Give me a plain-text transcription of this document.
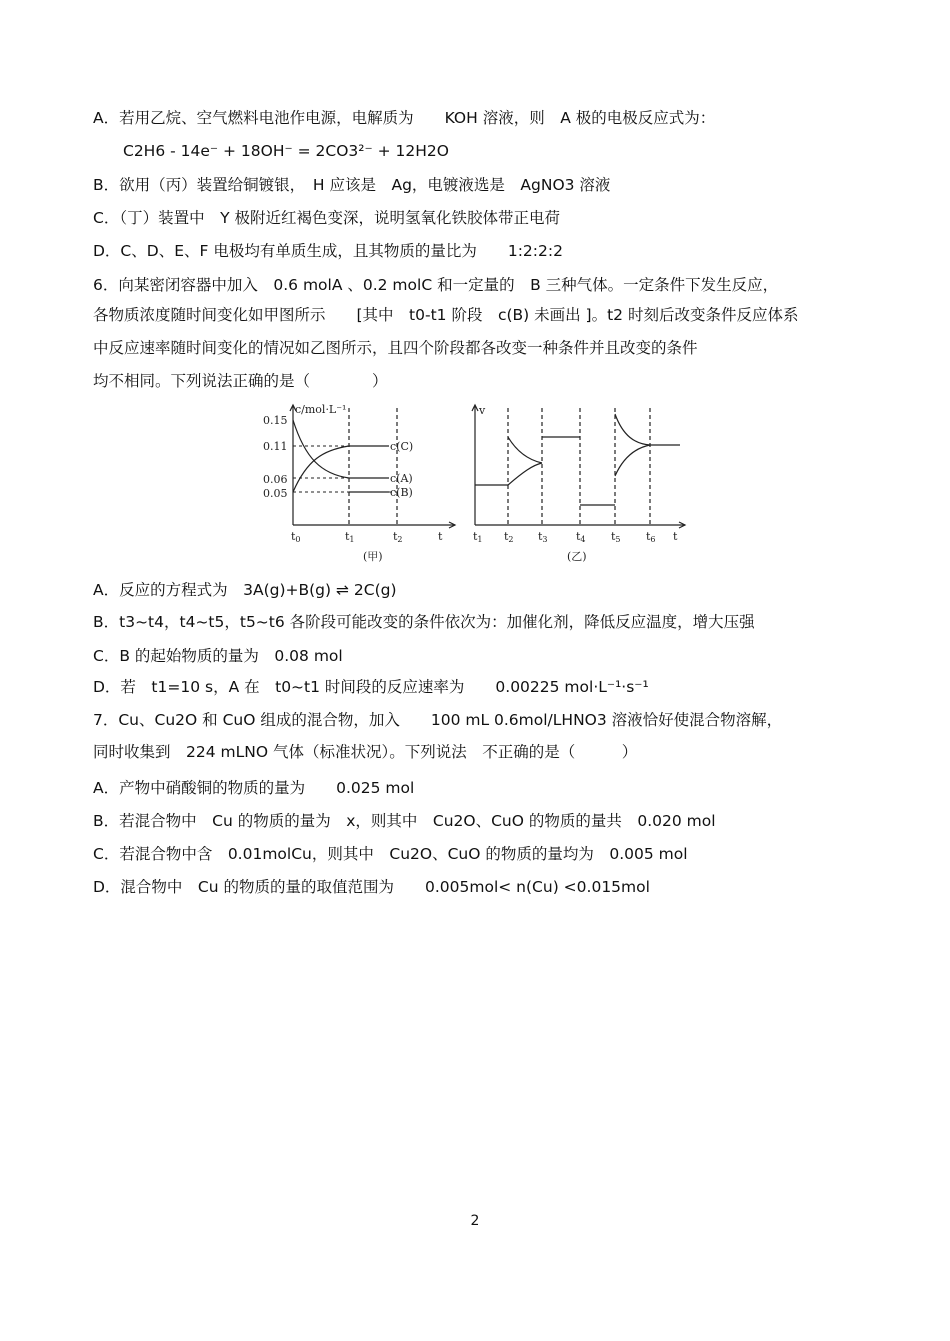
A．若用乙烷、空气燃料电池作电源，电解质为　　KOH 溶液，则　A 极的电极反应式为：
C2H6 - 14e⁻ + 18OH⁻ = 2CO3²⁻ + 12H2O
B．欲用（丙）装置给铜镀银，　H 应该是　Ag，电镀液选是　AgNO3 溶液
C．（丁）装置中　Y 极附近红褐色变深，说明氢氧化铁胶体带正电荷
D．C、D、E、F 电极均有单质生成，且其物质的量比为　　1:2:2:2
6．向某密闭容器中加入　0.6 molA 、0.2 molC 和一定量的　B 三种气体。一定条件下发生反应，
各物质浓度随时间变化如甲图所示　　[其中　t0-t1 阶段　c(B) 未画出 ]。t2 时刻后改变条件反应体系
中反应速率随时间变化的情况如乙图所示，且四个阶段都各改变一种条件并且改变的条件
均不相同。下列说法正确的是（　　　　）
c/mol·L⁻¹
0.15
0.11
0.06
0.05
c(C)
c(A)
c(B)
t0	t1	t2	t
(甲)
v
t1 t2 t3	t4 t5 t6 t
(乙)
A．反应的方程式为　3A(g)+B(g) ⇌ 2C(g)
B．t3~t4，t4~t5，t5~t6 各阶段可能改变的条件依次为：加催化剂，降低反应温度，增大压强
C．B 的起始物质的量为　0.08 mol
D．若　t1=10 s，A 在　t0~t1 时间段的反应速率为　　0.00225 mol·L⁻¹·s⁻¹
7．Cu、Cu2O 和 CuO 组成的混合物，加入　　100 mL 0.6mol/LHNO3 溶液恰好使混合物溶解，
同时收集到　224 mLNO 气体（标准状况）。下列说法　不正确的是（　　　）
A．产物中硝酸铜的物质的量为　　0.025 mol
B．若混合物中　Cu 的物质的量为　x，则其中　Cu2O、CuO 的物质的量共　0.020 mol
C．若混合物中含　0.01molCu，则其中　Cu2O、CuO 的物质的量均为　0.005 mol
D．混合物中　Cu 的物质的量的取值范围为　　0.005mol< n(Cu) <0.015mol
2
